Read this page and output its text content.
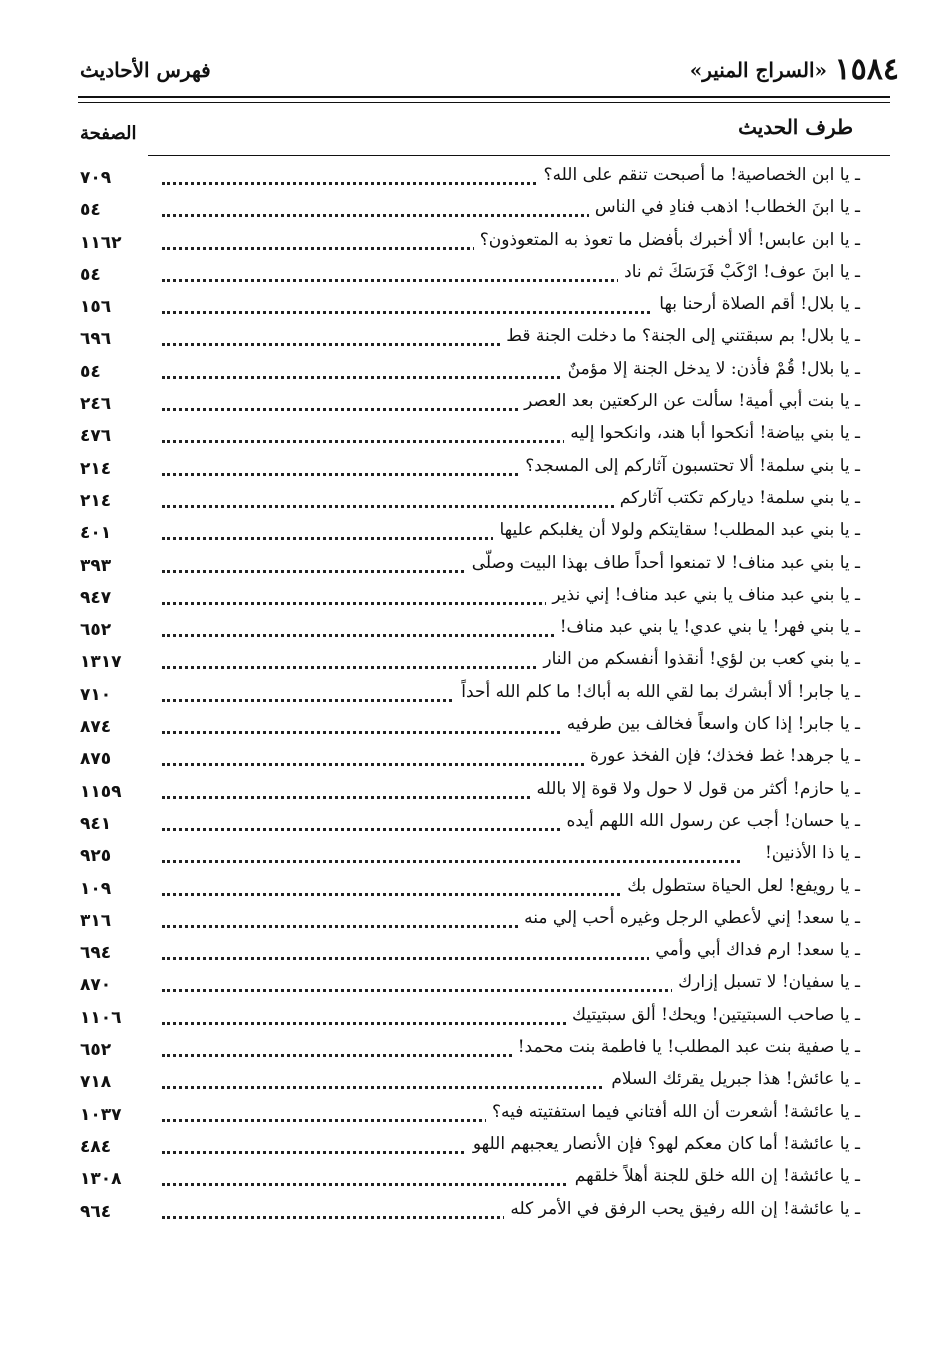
١٥٨٤
«السراج المنير»
فهرس الأحاديث
طرف الحديث
الصفحة
ـ يا ابن الخصاصية! ما أصبحت تنقم على الله؟
٧٠٩
ـ يا ابنَ الخطاب! اذهب فنادِ في الناس
٥٤
ـ يا ابن عابس! ألا أخبرك بأفضل ما تعوذ به المتعوذون؟
١١٦٢
ـ يا ابنَ عوف! ارْكَبْ فَرَسَكَ ثم ناد
٥٤
ـ يا بلال! أقم الصلاة أرحنا بها
١٥٦
ـ يا بلال! بم سبقتني إلى الجنة؟ ما دخلت الجنة قط
٦٩٦
ـ يا بلال! قُمْ فأذن: لا يدخل الجنة إلا مؤمنٌ
٥٤
ـ يا بنت أبي أمية! سألت عن الركعتين بعد العصر
٢٤٦
ـ يا بني بياضة! أنكحوا أبا هند، وانكحوا إليه
٤٧٦
ـ يا بني سلمة! ألا تحتسبون آثاركم إلى المسجد؟
٢١٤
ـ يا بني سلمة! دياركم تكتب آثاركم
٢١٤
ـ يا بني عبد المطلب! سقايتكم ولولا أن يغلبكم عليها
٤٠١
ـ يا بني عبد مناف! لا تمنعوا أحداً طاف بهذا البيت وصلّى
٣٩٣
ـ يا بني عبد مناف يا بني عبد مناف! إني نذير
٩٤٧
ـ يا بني فهر! يا بني عدي! يا بني عبد مناف!
٦٥٢
ـ يا بني كعب بن لؤي! أنقذوا أنفسكم من النار
١٣١٧
ـ يا جابر! ألا أبشرك بما لقي الله به أباك! ما كلم الله أحداً
٧١٠
ـ يا جابر! إذا كان واسعاً فخالف بين طرفيه
٨٧٤
ـ يا جرهد! غط فخذك؛ فإن الفخذ عورة
٨٧٥
ـ يا حازم! أكثر من قول لا حول ولا قوة إلا بالله
١١٥٩
ـ يا حسان! أجب عن رسول الله اللهم أيده
٩٤١
ـ يا ذا الأذنين!
٩٢٥
ـ يا رويفع! لعل الحياة ستطول بك
١٠٩
ـ يا سعد! إني لأعطي الرجل وغيره أحب إلي منه
٣١٦
ـ يا سعد! ارم فداك أبي وأمي
٦٩٤
ـ يا سفيان! لا تسبل إزارك
٨٧٠
ـ يا صاحب السبتيتين! ويحك! ألق سبتيتيك
١١٠٦
ـ يا صفية بنت عبد المطلب! يا فاطمة بنت محمد!
٦٥٢
ـ يا عائش! هذا جبريل يقرئك السلام
٧١٨
ـ يا عائشة! أشعرت أن الله أفتاني فيما استفتيته فيه؟
١٠٣٧
ـ يا عائشة! أما كان معكم لهو؟ فإن الأنصار يعجبهم اللهو
٤٨٤
ـ يا عائشة! إن الله خلق للجنة أهلاً خلقهم
١٣٠٨
ـ يا عائشة! إن الله رفيق يحب الرفق في الأمر كله
٩٦٤
